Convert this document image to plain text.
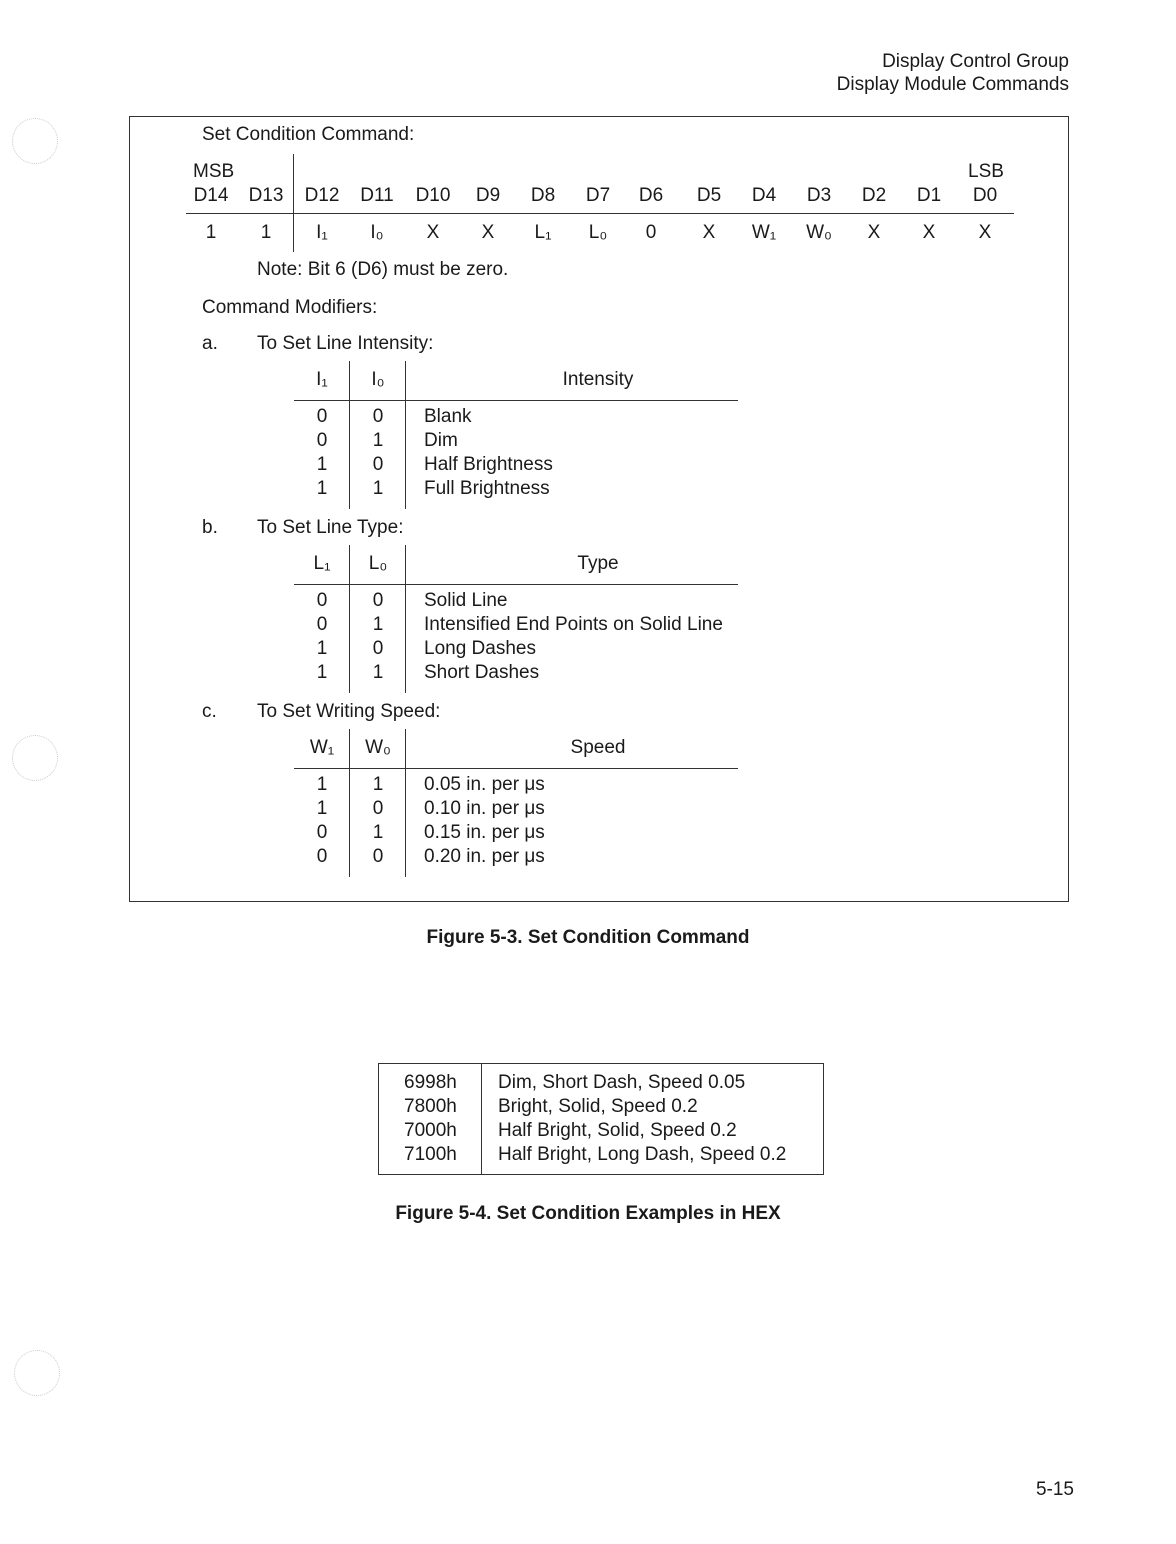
Display Control Group
Display Module Commands
Set Condition Command:
MSB	LSB
D14	D13	D12	D11	D10	D9	D8	D7	D6	D5	D4	D3	D2	D1	D0
1	1	I₁	I₀	X	X	L₁	L₀	0	X	W₁	W₀	X	X	X
Note: Bit 6 (D6) must be zero.
Command Modifiers:
a. To Set Line Intensity:
I₁	I₀	Intensity
0	0	Blank
0	1	Dim
1	0	Half Brightness
1	1	Full Brightness
b. To Set Line Type:
L₁	L₀	Type
0	0	Solid Line
0	1	Intensified End Points on Solid Line
1	0	Long Dashes
1	1	Short Dashes
c. To Set Writing Speed:
W₁	W₀	Speed
1	1	0.05 in. per μs
1	0	0.10 in. per μs
0	1	0.15 in. per μs
0	0	0.20 in. per μs
Figure 5-3. Set Condition Command
6998h Dim, Short Dash, Speed 0.05
7800h Bright, Solid, Speed 0.2
7000h Half Bright, Solid, Speed 0.2
7100h Half Bright, Long Dash, Speed 0.2
Figure 5-4. Set Condition Examples in HEX
5-15
